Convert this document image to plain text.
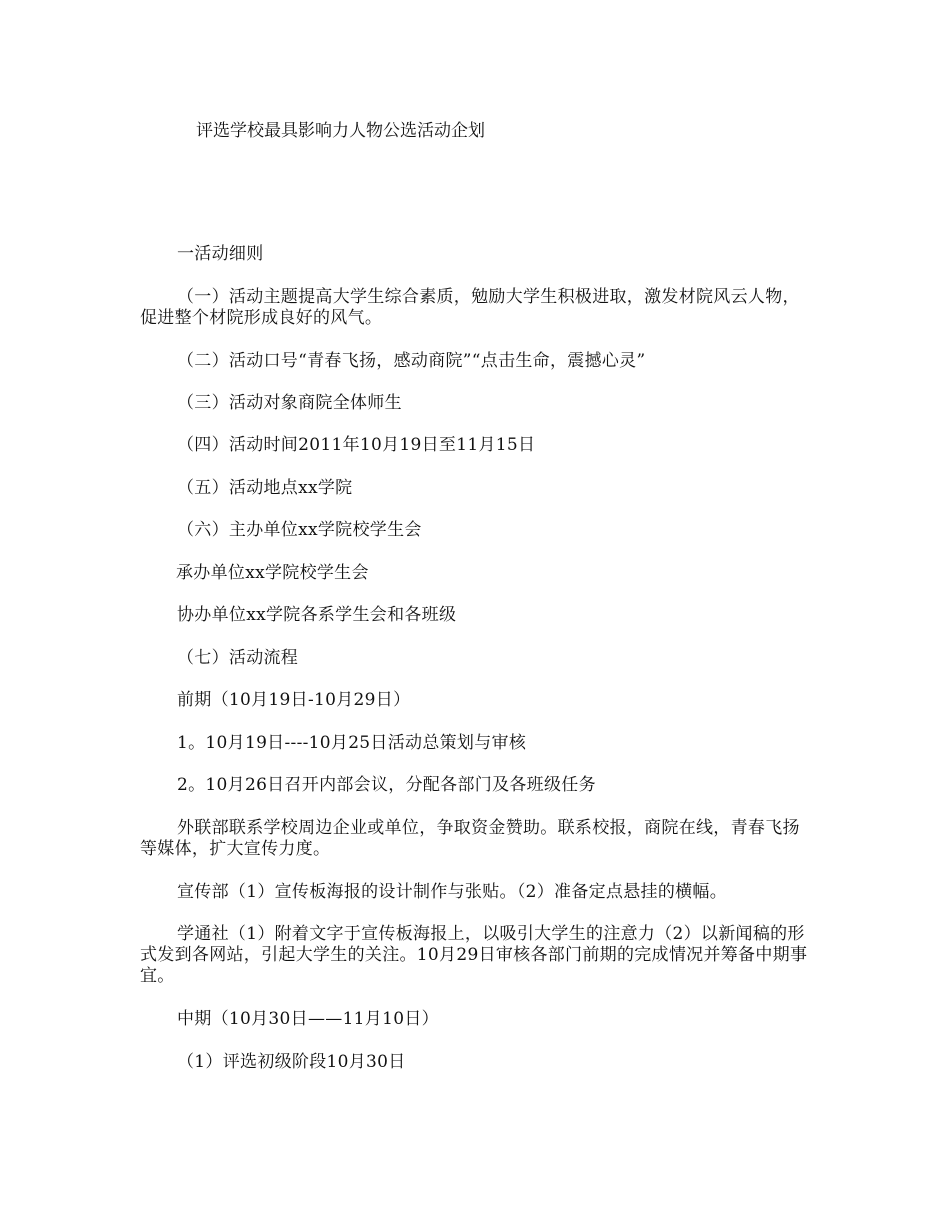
评选学校最具影响力人物公选活动企划

一活动细则

（一）活动主题提高大学生综合素质，勉励大学生积极进取，激发材院风云人物，促进整个材院形成良好的风气。

（二）活动口号“青春飞扬，感动商院”“点击生命，震撼心灵”

（三）活动对象商院全体师生

（四）活动时间2011年10月19日至11月15日

（五）活动地点xx学院

（六）主办单位xx学院校学生会

承办单位xx学院校学生会

协办单位xx学院各系学生会和各班级

（七）活动流程

前期（10月19日-10月29日）

1。10月19日----10月25日活动总策划与审核

2。10月26日召开内部会议，分配各部门及各班级任务

外联部联系学校周边企业或单位，争取资金赞助。联系校报，商院在线，青春飞扬等媒体，扩大宣传力度。

宣传部（1）宣传板海报的设计制作与张贴。（2）准备定点悬挂的横幅。

学通社（1）附着文字于宣传板海报上，以吸引大学生的注意力（2）以新闻稿的形式发到各网站，引起大学生的关注。10月29日审核各部门前期的完成情况并筹备中期事宜。

中期（10月30日——11月10日）

（1）评选初级阶段10月30日
